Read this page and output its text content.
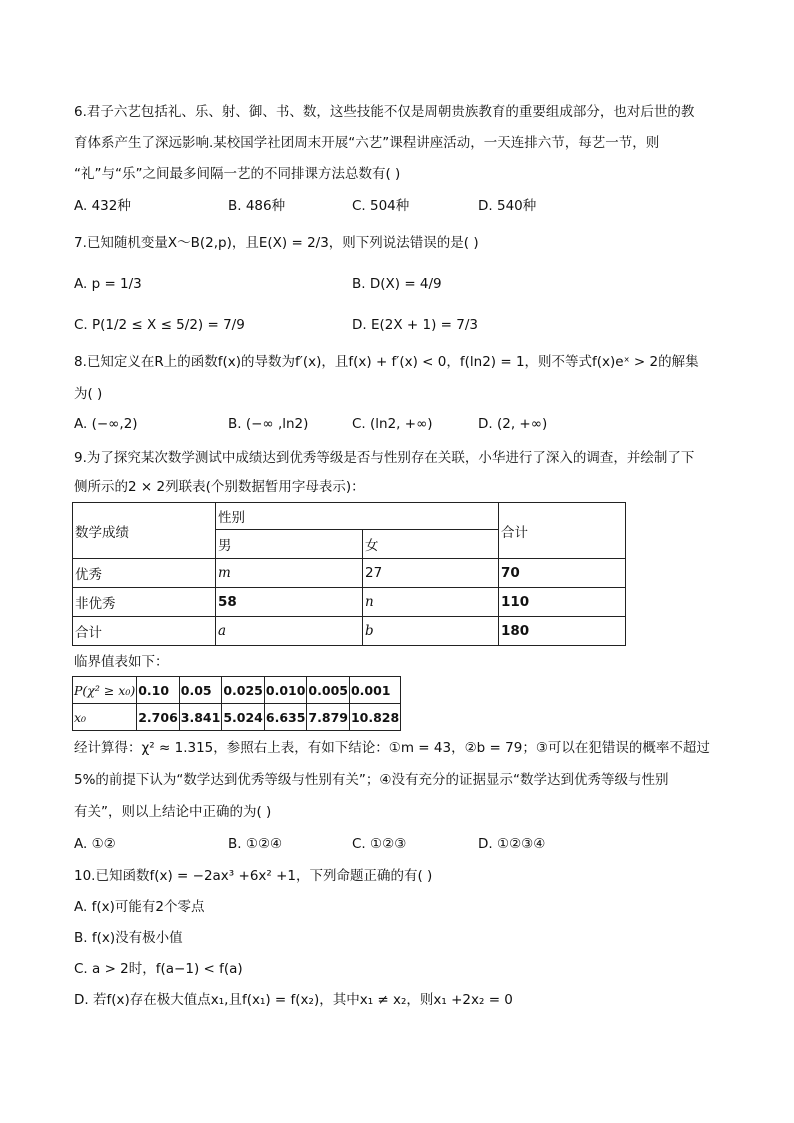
6.君子六艺包括礼、乐、射、御、书、数，这些技能不仅是周朝贵族教育的重要组成部分，也对后世的教
育体系产生了深远影响.某校国学社团周末开展“六艺”课程讲座活动，一天连排六节，每艺一节，则
“礼”与“乐”之间最多间隔一艺的不同排课方法总数有( )
A. 432种	B. 486种	C. 504种	D. 540种
7.已知随机变量X～B(2,p)，且E(X) = 2/3，则下列说法错误的是( )
A. p = 1/3	B. D(X) = 4/9
C. P(1/2 ≤ X ≤ 5/2) = 7/9	D. E(2X + 1) = 7/3
8.已知定义在R上的函数f(x)的导数为f′(x)，且f(x) + f′(x) < 0，f(ln2) = 1，则不等式f(x)eˣ > 2的解集
为( )
A. (−∞,2)	B. (−∞ ,ln2)	C. (ln2, +∞)	D. (2, +∞)
9.为了探究某次数学测试中成绩达到优秀等级是否与性别存在关联，小华进行了深入的调查，并绘制了下
侧所示的2 × 2列联表(个别数据暂用字母表示)：
数学成绩	性别		合计
	男	女	
优秀	m	27	70
非优秀	58	n	110
合计	a	b	180
临界值表如下：
P(χ² ≥ x₀)	0.10	0.05	0.025	0.010	0.005	0.001
x₀	2.706	3.841	5.024	6.635	7.879	10.828
经计算得：χ² ≈ 1.315，参照右上表，有如下结论：①m = 43，②b = 79；③可以在犯错误的概率不超过
5%的前提下认为“数学达到优秀等级与性别有关”；④没有充分的证据显示“数学达到优秀等级与性别
有关”，则以上结论中正确的为( )
A. ①②	B. ①②④	C. ①②③	D. ①②③④
10.已知函数f(x) = −2ax³ +6x² +1，下列命题正确的有( )
A. f(x)可能有2个零点
B. f(x)没有极小值
C. a > 2时，f(a−1) < f(a)
D. 若f(x)存在极大值点x₁,且f(x₁) = f(x₂)，其中x₁ ≠ x₂，则x₁ +2x₂ = 0
